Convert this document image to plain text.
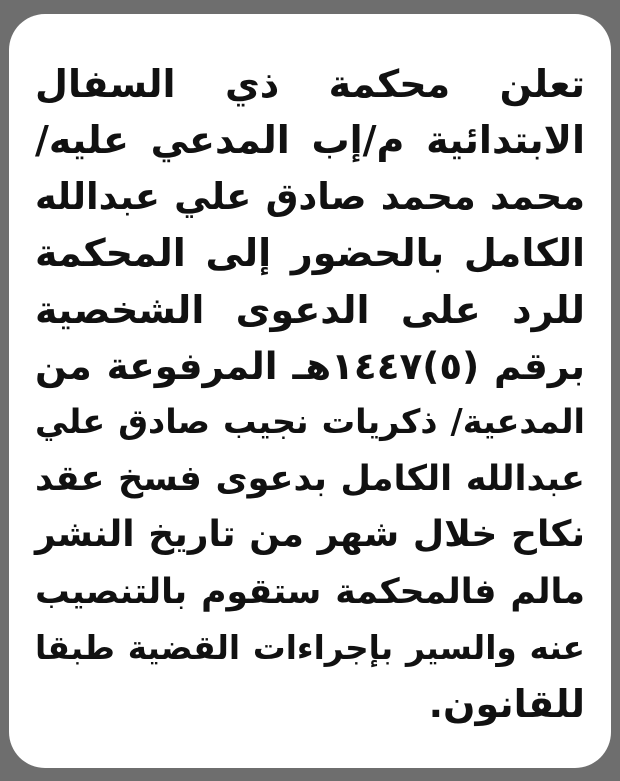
تعلن محكمة ذي السفال
الابتدائية م/إب المدعي عليه/
محمد محمد صادق علي عبدالله
الكامل بالحضور إلى المحكمة
للرد على الدعوى الشخصية
برقم (٥)١٤٤٧هـ المرفوعة من
المدعية/ ذكريات نجيب صادق علي
عبدالله الكامل بدعوى فسخ عقد
نكاح خلال شهر من تاريخ النشر
مالم فالمحكمة ستقوم بالتنصيب
عنه والسير بإجراءات القضية طبقا
للقانون.
